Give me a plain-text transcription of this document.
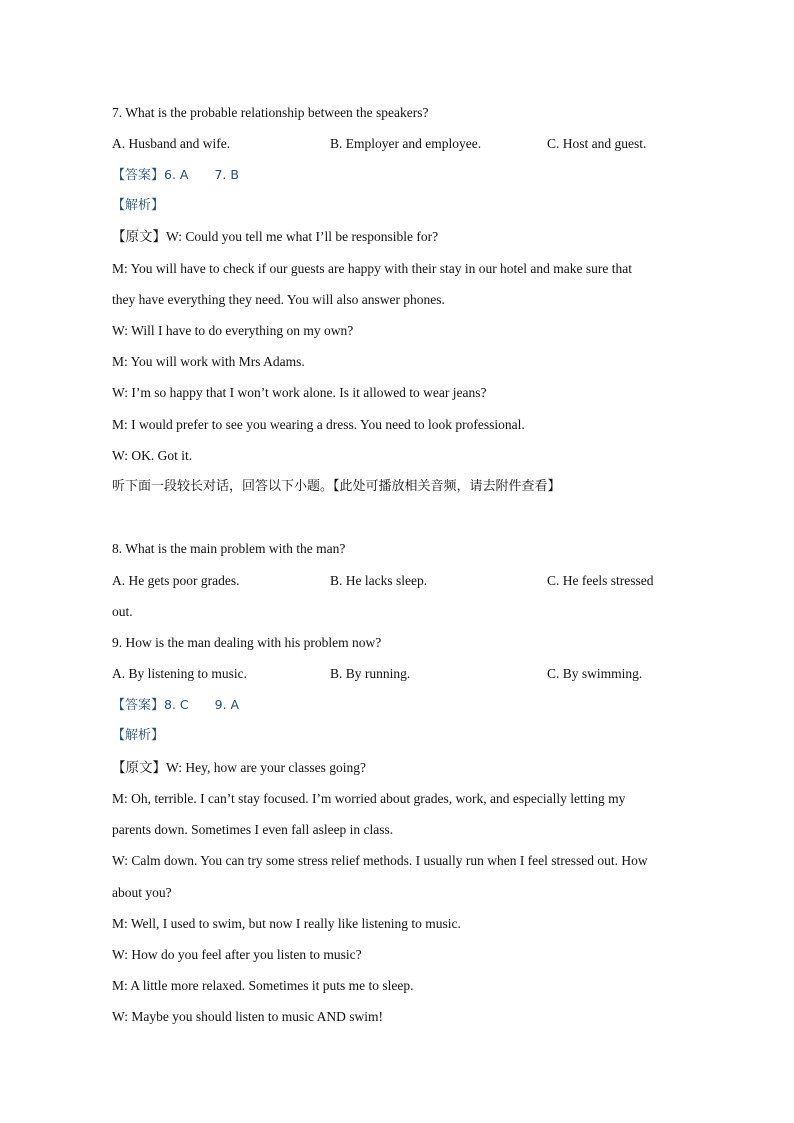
7. What is the probable relationship between the speakers?
A. Husband and wife.	B. Employer and employee.	C. Host and guest.
【答案】6. A 7. B
【解析】
【原文】W: Could you tell me what I’ll be responsible for?
M: You will have to check if our guests are happy with their stay in our hotel and make sure that
they have everything they need. You will also answer phones.
W: Will I have to do everything on my own?
M: You will work with Mrs Adams.
W: I’m so happy that I won’t work alone. Is it allowed to wear jeans?
M: I would prefer to see you wearing a dress. You need to look professional.
W: OK. Got it.
听下面一段较长对话，回答以下小题。【此处可播放相关音频，请去附件查看】
8. What is the main problem with the man?
A. He gets poor grades.	B. He lacks sleep.	C. He feels stressed
out.
9. How is the man dealing with his problem now?
A. By listening to music.	B. By running.	C. By swimming.
【答案】8. C 9. A
【解析】
【原文】W: Hey, how are your classes going?
M: Oh, terrible. I can’t stay focused. I’m worried about grades, work, and especially letting my
parents down. Sometimes I even fall asleep in class.
W: Calm down. You can try some stress relief methods. I usually run when I feel stressed out. How
about you?
M: Well, I used to swim, but now I really like listening to music.
W: How do you feel after you listen to music?
M: A little more relaxed. Sometimes it puts me to sleep.
W: Maybe you should listen to music AND swim!
